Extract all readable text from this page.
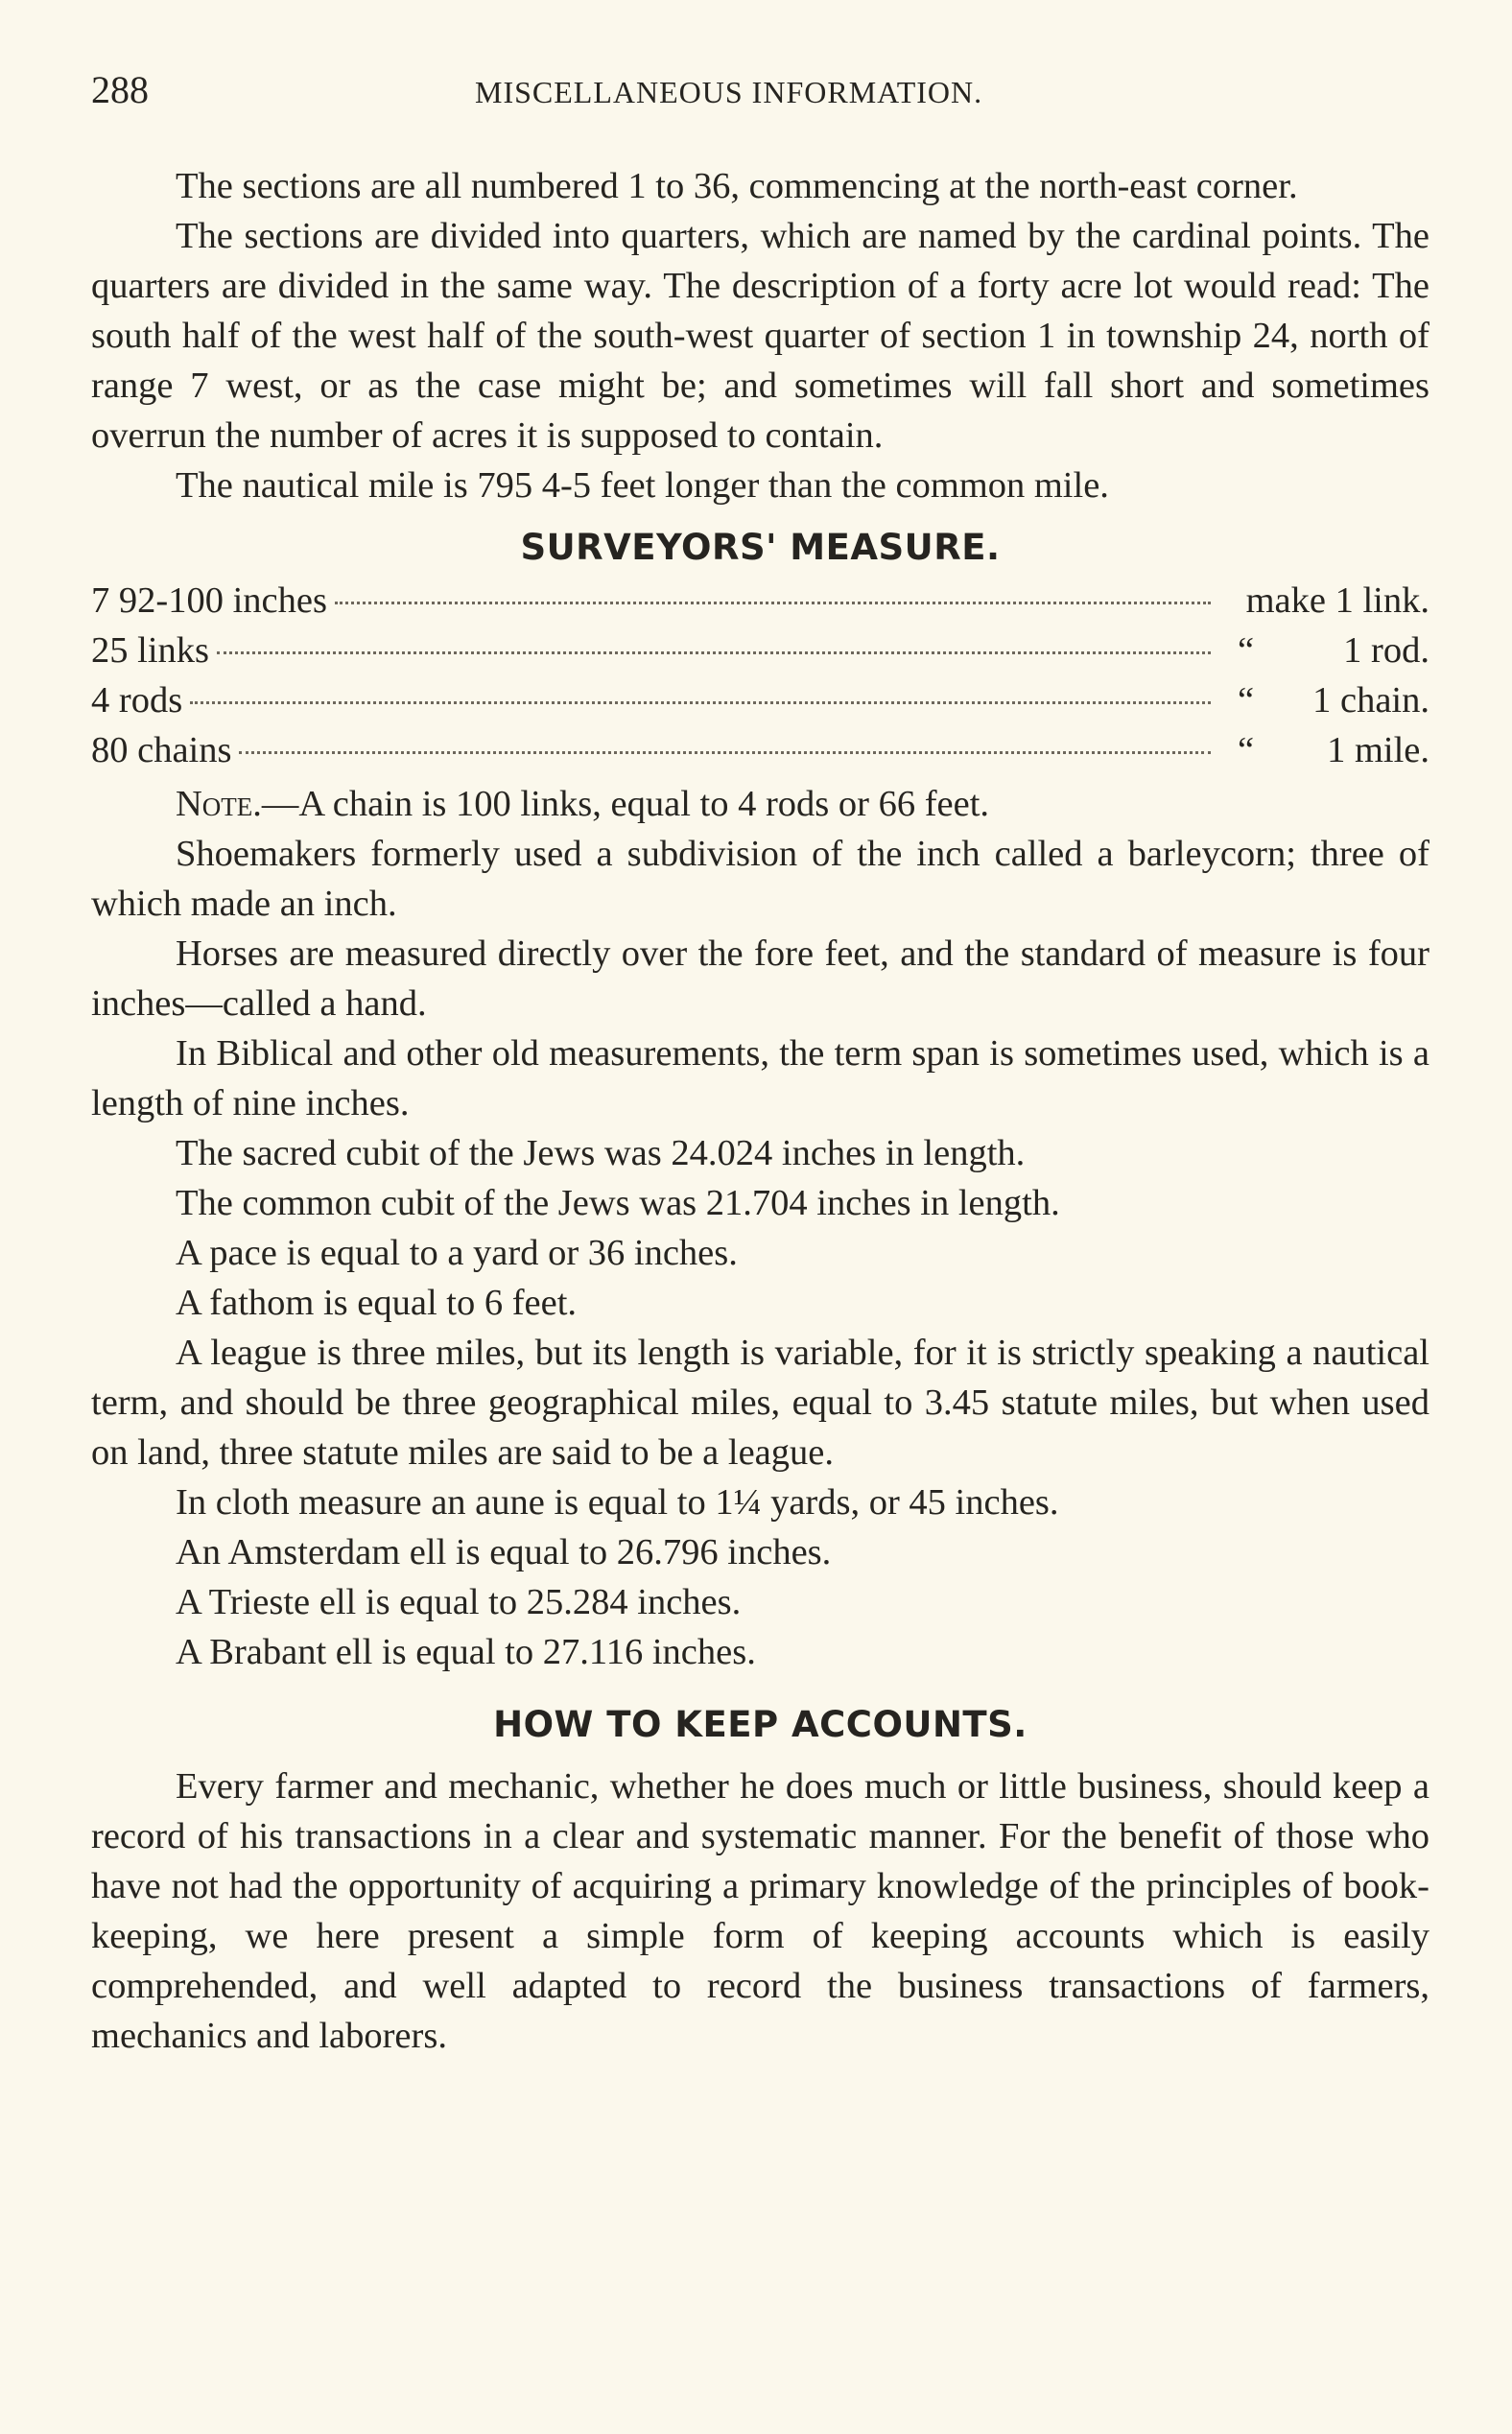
288	MISCELLANEOUS INFORMATION.

The sections are all numbered 1 to 36, commencing at the north-east corner.

The sections are divided into quarters, which are named by the cardinal points. The quarters are divided in the same way. The description of a forty acre lot would read: The south half of the west half of the south-west quarter of section 1 in township 24, north of range 7 west, or as the case might be; and sometimes will fall short and sometimes overrun the number of acres it is supposed to contain.

The nautical mile is 795 4-5 feet longer than the common mile.

SURVEYORS' MEASURE.
7 92-100 inches	make 1 link.
25 links	“ 1 rod.
4 rods	“ 1 chain.
80 chains	“ 1 mile.

Note.—A chain is 100 links, equal to 4 rods or 66 feet.

Shoemakers formerly used a subdivision of the inch called a barleycorn; three of which made an inch.

Horses are measured directly over the fore feet, and the standard of measure is four inches—called a hand.

In Biblical and other old measurements, the term span is sometimes used, which is a length of nine inches.

The sacred cubit of the Jews was 24.024 inches in length.

The common cubit of the Jews was 21.704 inches in length.

A pace is equal to a yard or 36 inches.

A fathom is equal to 6 feet.

A league is three miles, but its length is variable, for it is strictly speaking a nautical term, and should be three geographical miles, equal to 3.45 statute miles, but when used on land, three statute miles are said to be a league.

In cloth measure an aune is equal to 1¼ yards, or 45 inches.

An Amsterdam ell is equal to 26.796 inches.

A Trieste ell is equal to 25.284 inches.

A Brabant ell is equal to 27.116 inches.

HOW TO KEEP ACCOUNTS.

Every farmer and mechanic, whether he does much or little business, should keep a record of his transactions in a clear and systematic manner. For the benefit of those who have not had the opportunity of acquiring a primary knowledge of the principles of book-keeping, we here present a simple form of keeping accounts which is easily comprehended, and well adapted to record the business transactions of farmers, mechanics and laborers.
